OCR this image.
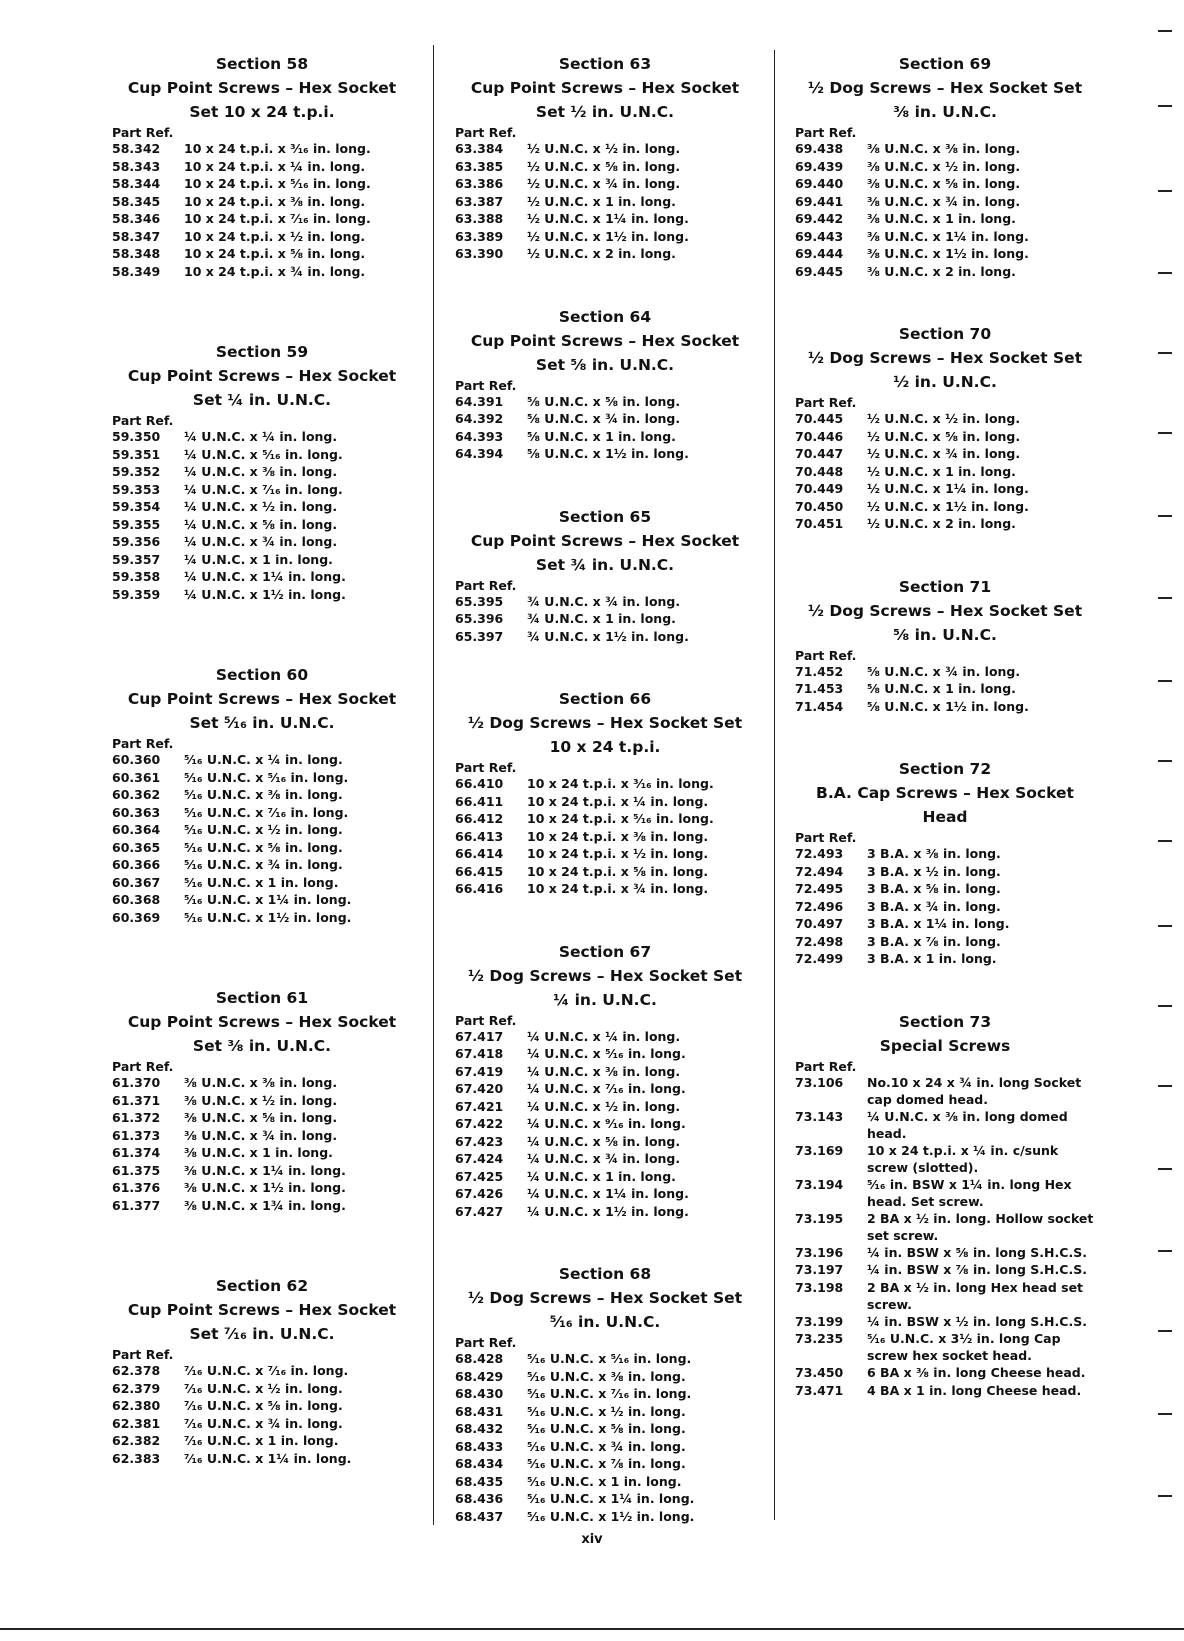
Section 58
Cup Point Screws – Hex Socket
Set 10 x 24 t.p.i.
Part Ref.
58.342	10 x 24 t.p.i. x ³⁄₁₆ in. long.
58.343	10 x 24 t.p.i. x ¼ in. long.
58.344	10 x 24 t.p.i. x ⁵⁄₁₆ in. long.
58.345	10 x 24 t.p.i. x ⅜ in. long.
58.346	10 x 24 t.p.i. x ⁷⁄₁₆ in. long.
58.347	10 x 24 t.p.i. x ½ in. long.
58.348	10 x 24 t.p.i. x ⅝ in. long.
58.349	10 x 24 t.p.i. x ¾ in. long.
Section 59
Cup Point Screws – Hex Socket
Set ¼ in. U.N.C.
Part Ref.
59.350	¼ U.N.C. x ¼ in. long.
59.351	¼ U.N.C. x ⁵⁄₁₆ in. long.
59.352	¼ U.N.C. x ⅜ in. long.
59.353	¼ U.N.C. x ⁷⁄₁₆ in. long.
59.354	¼ U.N.C. x ½ in. long.
59.355	¼ U.N.C. x ⅝ in. long.
59.356	¼ U.N.C. x ¾ in. long.
59.357	¼ U.N.C. x 1 in. long.
59.358	¼ U.N.C. x 1¼ in. long.
59.359	¼ U.N.C. x 1½ in. long.
Section 60
Cup Point Screws – Hex Socket
Set ⁵⁄₁₆ in. U.N.C.
Part Ref.
60.360	⁵⁄₁₆ U.N.C. x ¼ in. long.
60.361	⁵⁄₁₆ U.N.C. x ⁵⁄₁₆ in. long.
60.362	⁵⁄₁₆ U.N.C. x ⅜ in. long.
60.363	⁵⁄₁₆ U.N.C. x ⁷⁄₁₆ in. long.
60.364	⁵⁄₁₆ U.N.C. x ½ in. long.
60.365	⁵⁄₁₆ U.N.C. x ⅝ in. long.
60.366	⁵⁄₁₆ U.N.C. x ¾ in. long.
60.367	⁵⁄₁₆ U.N.C. x 1 in. long.
60.368	⁵⁄₁₆ U.N.C. x 1¼ in. long.
60.369	⁵⁄₁₆ U.N.C. x 1½ in. long.
Section 61
Cup Point Screws – Hex Socket
Set ⅜ in. U.N.C.
Part Ref.
61.370	⅜ U.N.C. x ⅜ in. long.
61.371	⅜ U.N.C. x ½ in. long.
61.372	⅜ U.N.C. x ⅝ in. long.
61.373	⅜ U.N.C. x ¾ in. long.
61.374	⅜ U.N.C. x 1 in. long.
61.375	⅜ U.N.C. x 1¼ in. long.
61.376	⅜ U.N.C. x 1½ in. long.
61.377	⅜ U.N.C. x 1¾ in. long.
Section 62
Cup Point Screws – Hex Socket
Set ⁷⁄₁₆ in. U.N.C.
Part Ref.
62.378	⁷⁄₁₆ U.N.C. x ⁷⁄₁₆ in. long.
62.379	⁷⁄₁₆ U.N.C. x ½ in. long.
62.380	⁷⁄₁₆ U.N.C. x ⅝ in. long.
62.381	⁷⁄₁₆ U.N.C. x ¾ in. long.
62.382	⁷⁄₁₆ U.N.C. x 1 in. long.
62.383	⁷⁄₁₆ U.N.C. x 1¼ in. long.
Section 63
Cup Point Screws – Hex Socket
Set ½ in. U.N.C.
Part Ref.
63.384	½ U.N.C. x ½ in. long.
63.385	½ U.N.C. x ⅝ in. long.
63.386	½ U.N.C. x ¾ in. long.
63.387	½ U.N.C. x 1 in. long.
63.388	½ U.N.C. x 1¼ in. long.
63.389	½ U.N.C. x 1½ in. long.
63.390	½ U.N.C. x 2 in. long.
Section 64
Cup Point Screws – Hex Socket
Set ⅝ in. U.N.C.
Part Ref.
64.391	⅝ U.N.C. x ⅝ in. long.
64.392	⅝ U.N.C. x ¾ in. long.
64.393	⅝ U.N.C. x 1 in. long.
64.394	⅝ U.N.C. x 1½ in. long.
Section 65
Cup Point Screws – Hex Socket
Set ¾ in. U.N.C.
Part Ref.
65.395	¾ U.N.C. x ¾ in. long.
65.396	¾ U.N.C. x 1 in. long.
65.397	¾ U.N.C. x 1½ in. long.
Section 66
½ Dog Screws – Hex Socket Set
10 x 24 t.p.i.
Part Ref.
66.410	10 x 24 t.p.i. x ³⁄₁₆ in. long.
66.411	10 x 24 t.p.i. x ¼ in. long.
66.412	10 x 24 t.p.i. x ⁵⁄₁₆ in. long.
66.413	10 x 24 t.p.i. x ⅜ in. long.
66.414	10 x 24 t.p.i. x ½ in. long.
66.415	10 x 24 t.p.i. x ⅝ in. long.
66.416	10 x 24 t.p.i. x ¾ in. long.
Section 67
½ Dog Screws – Hex Socket Set
¼ in. U.N.C.
Part Ref.
67.417	¼ U.N.C. x ¼ in. long.
67.418	¼ U.N.C. x ⁵⁄₁₆ in. long.
67.419	¼ U.N.C. x ⅜ in. long.
67.420	¼ U.N.C. x ⁷⁄₁₆ in. long.
67.421	¼ U.N.C. x ½ in. long.
67.422	¼ U.N.C. x ⁹⁄₁₆ in. long.
67.423	¼ U.N.C. x ⅝ in. long.
67.424	¼ U.N.C. x ¾ in. long.
67.425	¼ U.N.C. x 1 in. long.
67.426	¼ U.N.C. x 1¼ in. long.
67.427	¼ U.N.C. x 1½ in. long.
Section 68
½ Dog Screws – Hex Socket Set
⁵⁄₁₆ in. U.N.C.
Part Ref.
68.428	⁵⁄₁₆ U.N.C. x ⁵⁄₁₆ in. long.
68.429	⁵⁄₁₆ U.N.C. x ⅜ in. long.
68.430	⁵⁄₁₆ U.N.C. x ⁷⁄₁₆ in. long.
68.431	⁵⁄₁₆ U.N.C. x ½ in. long.
68.432	⁵⁄₁₆ U.N.C. x ⅝ in. long.
68.433	⁵⁄₁₆ U.N.C. x ¾ in. long.
68.434	⁵⁄₁₆ U.N.C. x ⅞ in. long.
68.435	⁵⁄₁₆ U.N.C. x 1 in. long.
68.436	⁵⁄₁₆ U.N.C. x 1¼ in. long.
68.437	⁵⁄₁₆ U.N.C. x 1½ in. long.
Section 69
½ Dog Screws – Hex Socket Set
⅜ in. U.N.C.
Part Ref.
69.438	⅜ U.N.C. x ⅜ in. long.
69.439	⅜ U.N.C. x ½ in. long.
69.440	⅜ U.N.C. x ⅝ in. long.
69.441	⅜ U.N.C. x ¾ in. long.
69.442	⅜ U.N.C. x 1 in. long.
69.443	⅜ U.N.C. x 1¼ in. long.
69.444	⅜ U.N.C. x 1½ in. long.
69.445	⅜ U.N.C. x 2 in. long.
Section 70
½ Dog Screws – Hex Socket Set
½ in. U.N.C.
Part Ref.
70.445	½ U.N.C. x ½ in. long.
70.446	½ U.N.C. x ⅝ in. long.
70.447	½ U.N.C. x ¾ in. long.
70.448	½ U.N.C. x 1 in. long.
70.449	½ U.N.C. x 1¼ in. long.
70.450	½ U.N.C. x 1½ in. long.
70.451	½ U.N.C. x 2 in. long.
Section 71
½ Dog Screws – Hex Socket Set
⅝ in. U.N.C.
Part Ref.
71.452	⅝ U.N.C. x ¾ in. long.
71.453	⅝ U.N.C. x 1 in. long.
71.454	⅝ U.N.C. x 1½ in. long.
Section 72
B.A. Cap Screws – Hex Socket
Head
Part Ref.
72.493	3 B.A. x ⅜ in. long.
72.494	3 B.A. x ½ in. long.
72.495	3 B.A. x ⅝ in. long.
72.496	3 B.A. x ¾ in. long.
70.497	3 B.A. x 1¼ in. long.
72.498	3 B.A. x ⅞ in. long.
72.499	3 B.A. x 1 in. long.
Section 73
Special Screws
Part Ref.
73.106	No.10 x 24 x ¾ in. long Socket cap domed head.
73.143	¼ U.N.C. x ⅜ in. long domed head.
73.169	10 x 24 t.p.i. x ¼ in. c/sunk screw (slotted).
73.194	⁵⁄₁₆ in. BSW x 1¼ in. long Hex head. Set screw.
73.195	2 BA x ½ in. long. Hollow socket set screw.
73.196	¼ in. BSW x ⅝ in. long S.H.C.S.
73.197	¼ in. BSW x ⅞ in. long S.H.C.S.
73.198	2 BA x ½ in. long Hex head set screw.
73.199	¼ in. BSW x ½ in. long S.H.C.S.
73.235	⁵⁄₁₆ U.N.C. x 3½ in. long Cap screw hex socket head.
73.450	6 BA x ⅜ in. long Cheese head.
73.471	4 BA x 1 in. long Cheese head.
xiv
